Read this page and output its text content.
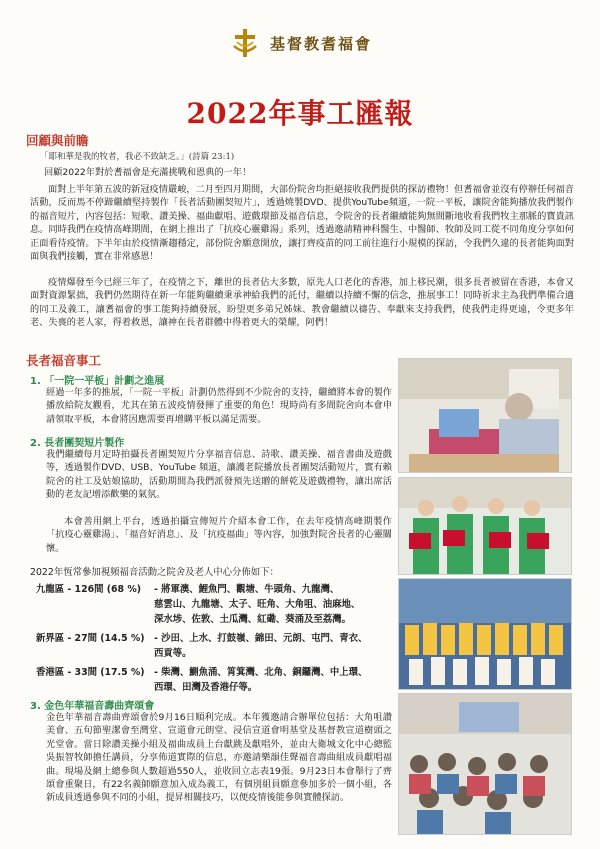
基督教耆福會
2022年事工匯報
回顧與前瞻
「耶和華是我的牧者，我必不致缺乏。」(詩篇 23:1)
回顧2022年對於耆福會是充滿挑戰和恩典的一年！
面對上半年第五波的新冠疫情嚴峻，二月至四月期間，大部份院舍均拒絕接收我們提供的探訪禮物！但耆福會並沒有停辦任何福音活動，反而馬不停蹄繼續堅持製作「長者活動團契短片」，透過燒製DVD、提供YouTube頻道，一院一平板，讓院舍能夠播放我們製作的福音短片，內容包括：短歌、讚美操、福曲獻唱、遊戲環節及福音信息，令院舍的長者繼續能夠無間斷地收看我們牧主那脈的寶貴訊息。同時我們在疫情高峰期間，在網上推出了「抗疫心靈雞湯」系列，透過邀請精神科醫生、中醫師、牧師及同工從不同角度分享如何正面看待疫情。下半年由於疫情漸趨穩定，部份院舍願意開放，讓打齊疫苗的同工前往進行小規模的探訪，令我們久違的長者能夠面對面與我們接觸，實在非常感恩！
疫情爆發至今已經三年了，在疫情之下，離世的長者佔大多數，原先人口老化的香港，加上移民潮，很多長者被留在香港，本會又面對資源緊拙，我們仍然期待在新一年能夠繼續秉承神給我們的託付，繼續以持續不懈的信念，推展事工！同時祈求主為我們準備合適的同工及義工，讓耆福會的事工能夠持續發展，盼望更多弟兄姊妹、教會繼續以禱告、奉獻來支持我們，使我們走得更遠，令更多年老、失喪的老人家，得着救恩，讓神在長者群體中得着更大的榮耀，阿們！
長者福音事工
1. 「一院一平板」計劃之進展
經過一年多的推展，「一院一平板」計劃仍然得到不少院舍的支持，繼續將本會的製作播放給院友觀看，尤其在第五波疫情發揮了重要的角色！現時尚有多間院舍向本會申請領取平板，本會將因應需要再增購平板以滿足需要。
2. 長者團契短片製作
我們繼續每月定時拍攝長者團契短片分享福音信息、詩歌、讚美操、福音書曲及遊戲等，透過製作DVD、USB、YouTube 頻道，讓護老院播放長者團契活動短片，實有賴院舍的社工及姑娘協助，活動期間為我們派發預先送贈的餅乾及遊戲禮物，讓出席活動的老友記增添歡樂的氣氛。
本會善用網上平台，透過拍攝宣傳短片介紹本會工作，在去年疫情高峰期製作「抗疫心靈雞湯」、「福音好消息」、及「抗疫福曲」等內容，加強對院舍長者的心靈關懷。
2022年恆常參加視頻福音活動之院舍及老人中心分佈如下：
九龍區 - 126間 (68 %)	- 將軍澳、鯉魚門、觀塘、牛頭角、九龍灣、
慈雲山、九龍塘、太子、旺角、大角咀、油麻地、
深水埗、佐敦、土瓜灣、紅磡、葵涌及至荔灣。
新界區 - 27間 (14.5 %)	- 沙田、上水、打鼓嶺、錦田、元朗、屯門、青衣、
西貢等。
香港區 - 33間 (17.5 %)	- 柴灣、鰂魚涌、筲箕灣、北角、銅鑼灣、中上環、
西環、田灣及香港仔等。
3. 金色年華福音壽曲齊頌會
金色年華福音壽曲齊頌會於9月16日順利完成。本年獲邀請合辦單位包括：大角咀讚美會、五旬節聖潔會至灣堂、宣道會元朗堂、浸信宣道會明基堂及基督教宣道樹頭之光堂會。當日除讚美操小組及福曲成員上台獻跳及獻唱外，並由大衛城文化中心總監吳振智牧師擔任講員，分享佈道實際的信息，亦邀請樂韻佳聲福音壽曲組成員獻唱福曲。現場及網上總參與人數超過550人，並收回立志表19張。9月23日本會舉行了齊頌會重聚日，有22名義師願意加入成為義工，有個別組員願意參加多於一個小組，各新成員透過參與不同的小組，提昇相關技巧，以便疫情後能參與實體探訪。
